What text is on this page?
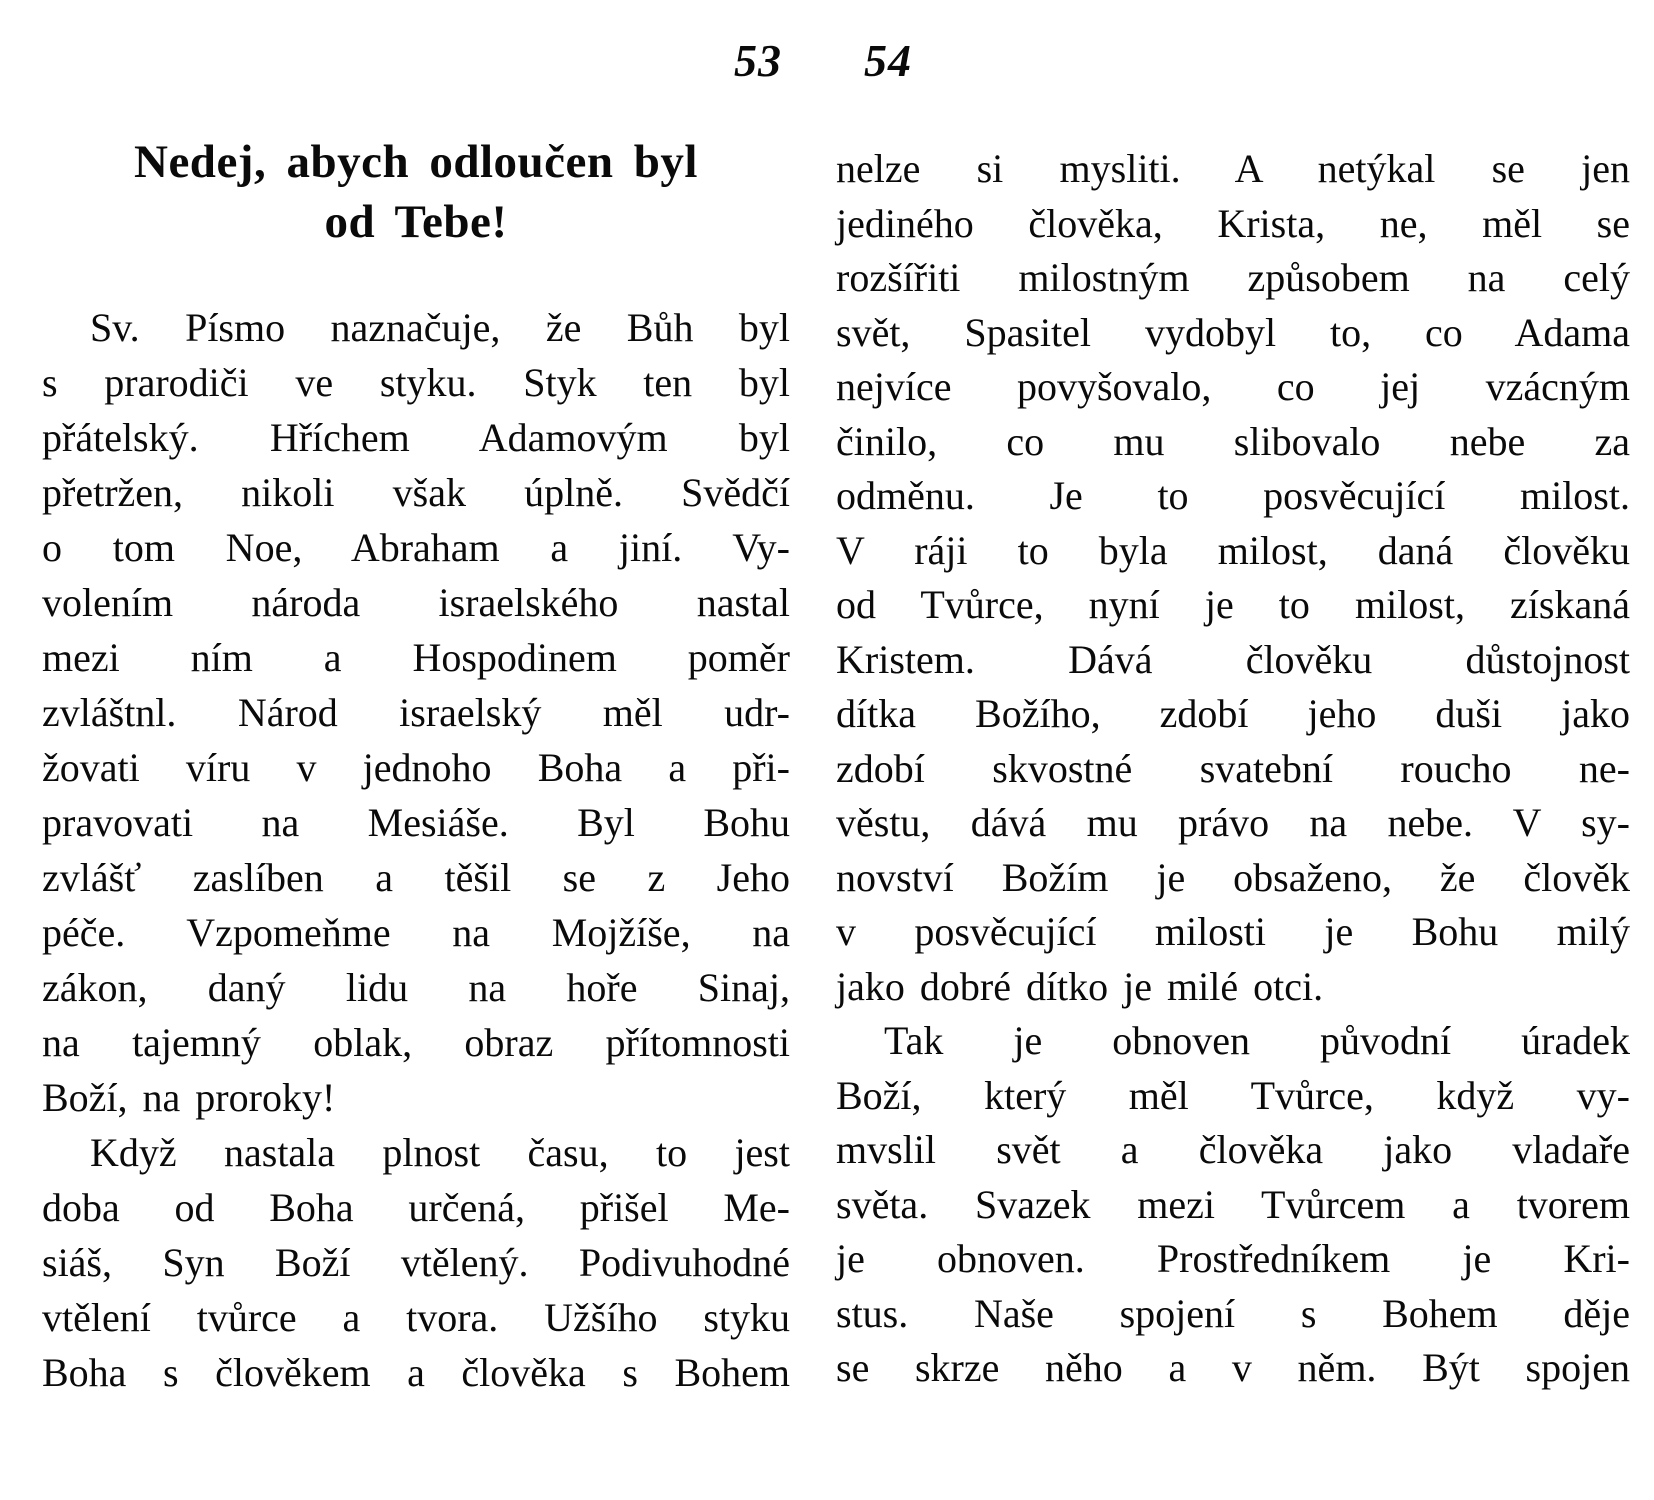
53 54
Nedej, abych odloučen byl
od Tebe!
Sv. Písmo naznačuje, že Bůh byl
s prarodiči ve styku. Styk ten byl
přátelský. Hříchem Adamovým byl
přetržen, nikoli však úplně. Svědčí
o tom Noe, Abraham a jiní. Vy-
volením národa israelského nastal
mezi ním a Hospodinem poměr
zvláštnl. Národ israelský měl udr-
žovati víru v jednoho Boha a při-
pravovati na Mesiáše. Byl Bohu
zvlášť zaslíben a těšil se z Jeho
péče. Vzpomeňme na Mojžíše, na
zákon, daný lidu na hoře Sinaj,
na tajemný oblak, obraz přítomnosti
Boží, na proroky!
Když nastala plnost času, to jest
doba od Boha určená, přišel Me-
siáš, Syn Boží vtělený. Podivuhodné
vtělení tvůrce a tvora. Užšího styku
Boha s člověkem a člověka s Bohem
nelze si mysliti. A netýkal se jen
jediného člověka, Krista, ne, měl se
rozšířiti milostným způsobem na celý
svět, Spasitel vydobyl to, co Adama
nejvíce povyšovalo, co jej vzácným
činilo, co mu slibovalo nebe za
odměnu. Je to posvěcující milost.
V ráji to byla milost, daná člověku
od Tvůrce, nyní je to milost, získaná
Kristem. Dává člověku důstojnost
dítka Božího, zdobí jeho duši jako
zdobí skvostné svatební roucho ne-
věstu, dává mu právo na nebe. V sy-
novství Božím je obsaženo, že člověk
v posvěcující milosti je Bohu milý
jako dobré dítko je milé otci.
Tak je obnoven původní úradek
Boží, který měl Tvůrce, když vy-
mvslil svět a člověka jako vladaře
světa. Svazek mezi Tvůrcem a tvorem
je obnoven. Prostředníkem je Kri-
stus. Naše spojení s Bohem děje
se skrze něho a v něm. Být spojen
